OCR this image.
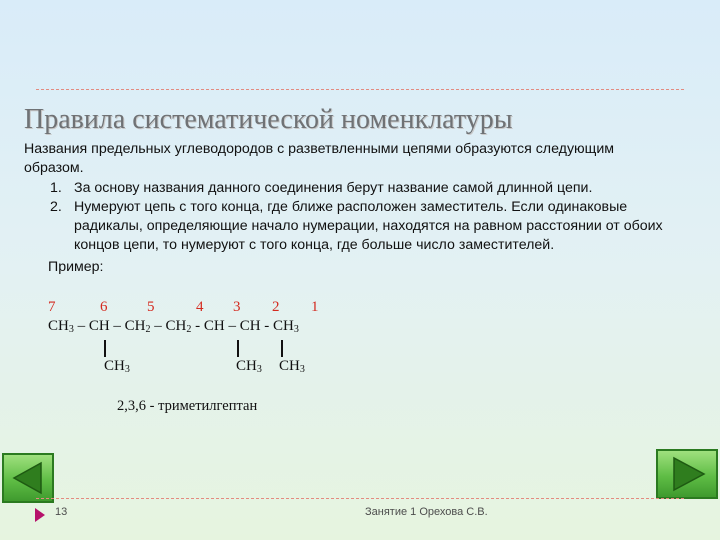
Правила систематической номенклатуры

Названия предельных углеводородов с разветвленными цепями образуются следующим образом.

1. За основу названия данного соединения берут название самой длинной цепи.
2. Нумеруют цепь с того конца, где ближе расположен заместитель. Если одинаковые радикалы, определяющие начало нумерации, находятся на равном расстоянии от обоих концов цепи, то нумеруют с того конца, где больше число заместителей.

Пример:

7	6	5	4 3 2 1
$CH_3$ – CH – $CH_2 - CH_2$ - CH – CH - $CH_3$
$CH_3$	$CH_3$ $CH_3$

2,3,6 - триметилгептан

13	Занятие 1 Орехова С.В.
